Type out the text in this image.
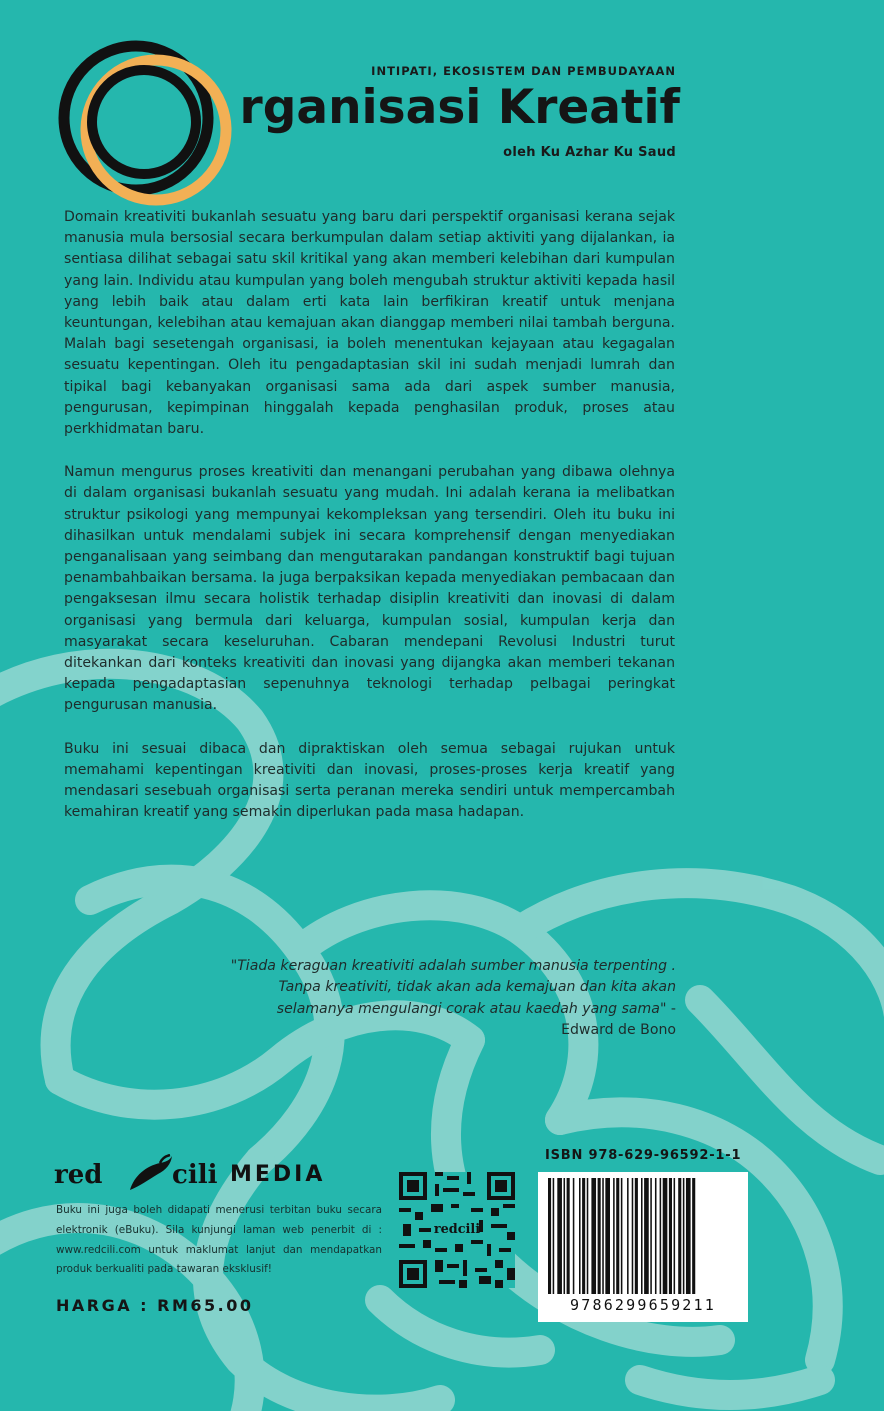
INTIPATI, EKOSISTEM DAN PEMBUDAYAAN
rganisasi Kreatif
oleh Ku Azhar Ku Saud

Domain kreativiti bukanlah sesuatu yang baru dari perspektif organisasi kerana sejak manusia mula bersosial secara berkumpulan dalam setiap aktiviti yang dijalankan, ia sentiasa dilihat sebagai satu skil kritikal yang akan memberi kelebihan dari kumpulan yang lain. Individu atau kumpulan yang boleh mengubah struktur aktiviti kepada hasil yang lebih baik atau dalam erti kata lain berfikiran kreatif untuk menjana keuntungan, kelebihan atau kemajuan akan dianggap memberi nilai tambah berguna. Malah bagi sesetengah organisasi, ia boleh menentukan kejayaan atau kegagalan sesuatu kepentingan. Oleh itu pengadaptasian skil ini sudah menjadi lumrah dan tipikal bagi kebanyakan organisasi sama ada dari aspek sumber manusia, pengurusan, kepimpinan hinggalah kepada penghasilan produk, proses atau perkhidmatan baru.

Namun mengurus proses kreativiti dan menangani perubahan yang dibawa olehnya di dalam organisasi bukanlah sesuatu yang mudah. Ini adalah kerana ia melibatkan struktur psikologi yang mempunyai kekompleksan yang tersendiri. Oleh itu buku ini dihasilkan untuk mendalami subjek ini secara komprehensif dengan menyediakan penganalisaan yang seimbang dan mengutarakan pandangan konstruktif bagi tujuan penambahbaikan bersama. Ia juga berpaksikan kepada menyediakan pembacaan dan pengaksesan ilmu secara holistik terhadap disiplin kreativiti dan inovasi di dalam organisasi yang bermula dari keluarga, kumpulan sosial, kumpulan kerja dan masyarakat secara keseluruhan. Cabaran mendepani Revolusi Industri turut ditekankan dari konteks kreativiti dan inovasi yang dijangka akan memberi tekanan kepada pengadaptasian sepenuhnya teknologi terhadap pelbagai peringkat pengurusan manusia.

Buku ini sesuai dibaca dan dipraktiskan oleh semua sebagai rujukan untuk memahami kepentingan kreativiti dan inovasi, proses-proses kerja kreatif yang mendasari sesebuah organisasi serta peranan mereka sendiri untuk mempercambah kemahiran kreatif yang semakin diperlukan pada masa hadapan.

"Tiada keraguan kreativiti adalah sumber manusia terpenting . Tanpa kreativiti, tidak akan ada kemajuan dan kita akan selamanya mengulangi corak atau kaedah yang sama" - Edward de Bono
red	cili MEDIA
Buku ini juga boleh didapati menerusi terbitan buku secara elektronik (eBuku). Sila kunjungi laman web penerbit di : www.redcili.com untuk maklumat lanjut dan mendapatkan produk berkualiti pada tawaran eksklusif!
HARGA : RM65.00
redcili
ISBN 978-629-96592-1-1
9786299659211
